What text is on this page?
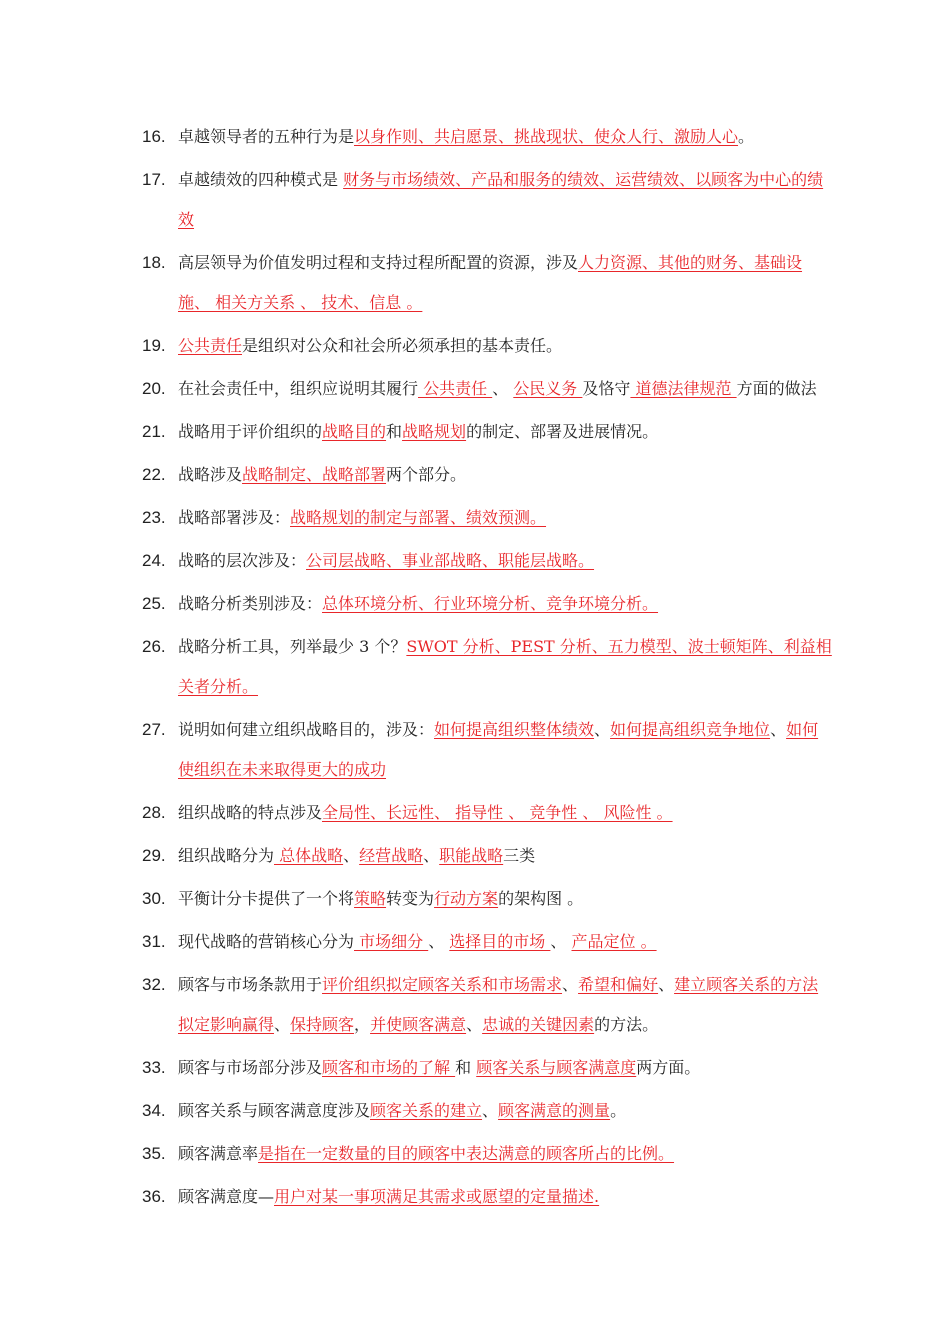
16. 卓越领导者的五种行为是以身作则、共启愿景、挑战现状、使众人行、激励人心。
17. 卓越绩效的四种模式是 财务与市场绩效、产品和服务的绩效、运营绩效、以顾客为中心的绩效
18. 高层领导为价值发明过程和支持过程所配置的资源，涉及人力资源、其他的财务、基础设施、 相关方关系 、 技术、信息 。
19. 公共责任是组织对公众和社会所必须承担的基本责任。
20. 在社会责任中，组织应说明其履行 公共责任 、 公民义务 及恪守 道德法律规范 方面的做法
21. 战略用于评价组织的战略目的和战略规划的制定、部署及进展情况。
22. 战略涉及战略制定、战略部署两个部分。
23. 战略部署涉及：战略规划的制定与部署、绩效预测。
24. 战略的层次涉及：公司层战略、事业部战略、职能层战略。
25. 战略分析类别涉及：总体环境分析、行业环境分析、竞争环境分析。
26. 战略分析工具，列举最少 3 个？SWOT 分析、PEST 分析、五力模型、波士顿矩阵、利益相关者分析。
27. 说明如何建立组织战略目的，涉及：如何提高组织整体绩效、如何提高组织竞争地位、如何使组织在未来取得更大的成功
28. 组织战略的特点涉及全局性、长远性、 指导性 、 竞争性 、 风险性 。
29. 组织战略分为 总体战略、经营战略、职能战略三类
30. 平衡计分卡提供了一个将策略转变为行动方案的架构图 。
31. 现代战略的营销核心分为 市场细分 、 选择目的市场 、 产品定位 。
32. 顾客与市场条款用于评价组织拟定顾客关系和市场需求、希望和偏好、建立顾客关系的方法拟定影响赢得、保持顾客，并使顾客满意、忠诚的关键因素的方法。
33. 顾客与市场部分涉及顾客和市场的了解 和 顾客关系与顾客满意度两方面。
34. 顾客关系与顾客满意度涉及顾客关系的建立、顾客满意的测量。
35. 顾客满意率是指在一定数量的目的顾客中表达满意的顾客所占的比例。
36. 顾客满意度—用户对某一事项满足其需求或愿望的定量描述.
